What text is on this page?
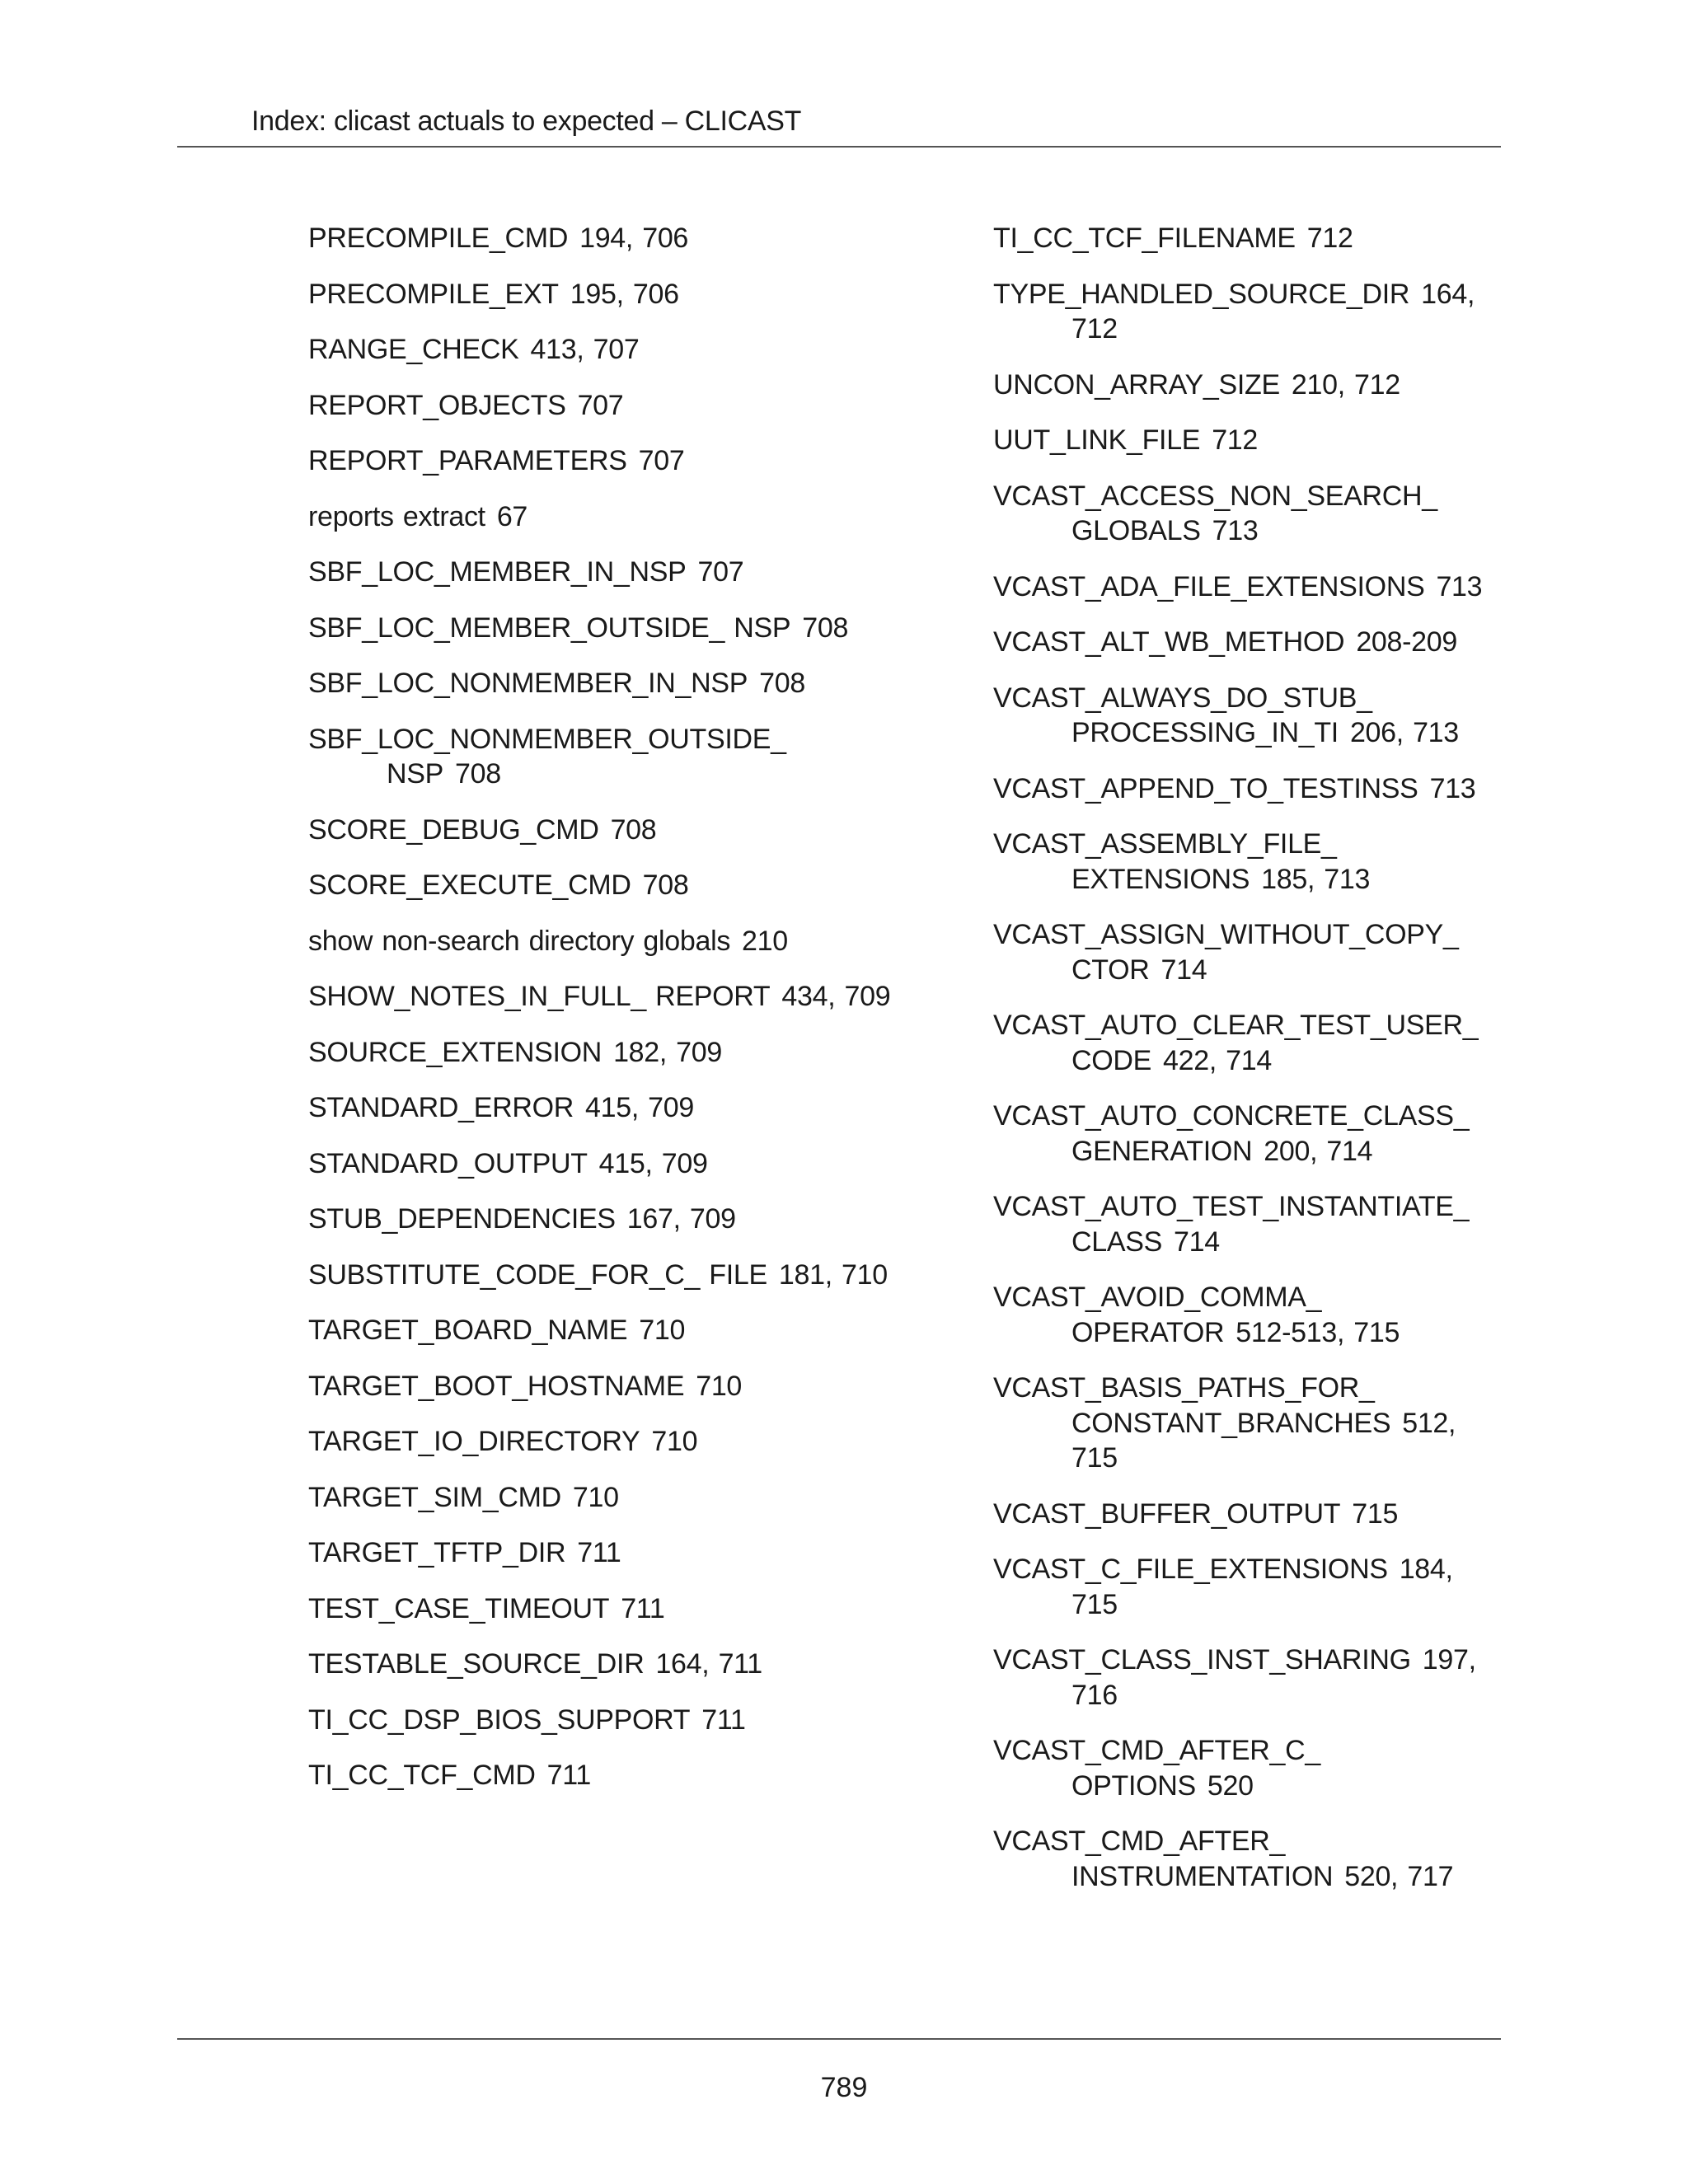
Index: clicast actuals to expected – CLICAST
PRECOMPILE_CMD 194, 706
PRECOMPILE_EXT 195, 706
RANGE_CHECK 413, 707
REPORT_OBJECTS 707
REPORT_PARAMETERS 707
reports extract 67
SBF_LOC_MEMBER_IN_NSP 707
SBF_LOC_MEMBER_OUTSIDE_ NSP 708
SBF_LOC_NONMEMBER_IN_NSP 708
SBF_LOC_NONMEMBER_OUTSIDE_ NSP 708
SCORE_DEBUG_CMD 708
SCORE_EXECUTE_CMD 708
show non-search directory globals 210
SHOW_NOTES_IN_FULL_ REPORT 434, 709
SOURCE_EXTENSION 182, 709
STANDARD_ERROR 415, 709
STANDARD_OUTPUT 415, 709
STUB_DEPENDENCIES 167, 709
SUBSTITUTE_CODE_FOR_C_ FILE 181, 710
TARGET_BOARD_NAME 710
TARGET_BOOT_HOSTNAME 710
TARGET_IO_DIRECTORY 710
TARGET_SIM_CMD 710
TARGET_TFTP_DIR 711
TEST_CASE_TIMEOUT 711
TESTABLE_SOURCE_DIR 164, 711
TI_CC_DSP_BIOS_SUPPORT 711
TI_CC_TCF_CMD 711
TI_CC_TCF_FILENAME 712
TYPE_HANDLED_SOURCE_DIR 164, 712
UNCON_ARRAY_SIZE 210, 712
UUT_LINK_FILE 712
VCAST_ACCESS_NON_SEARCH_ GLOBALS 713
VCAST_ADA_FILE_EXTENSIONS 713
VCAST_ALT_WB_METHOD 208-209
VCAST_ALWAYS_DO_STUB_ PROCESSING_IN_TI 206, 713
VCAST_APPEND_TO_TESTINSS 713
VCAST_ASSEMBLY_FILE_ EXTENSIONS 185, 713
VCAST_ASSIGN_WITHOUT_COPY_ CTOR 714
VCAST_AUTO_CLEAR_TEST_USER_ CODE 422, 714
VCAST_AUTO_CONCRETE_CLASS_ GENERATION 200, 714
VCAST_AUTO_TEST_INSTANTIATE_ CLASS 714
VCAST_AVOID_COMMA_ OPERATOR 512-513, 715
VCAST_BASIS_PATHS_FOR_ CONSTANT_BRANCHES 512, 715
VCAST_BUFFER_OUTPUT 715
VCAST_C_FILE_EXTENSIONS 184, 715
VCAST_CLASS_INST_SHARING 197, 716
VCAST_CMD_AFTER_C_ OPTIONS 520
VCAST_CMD_AFTER_ INSTRUMENTATION 520, 717
789
